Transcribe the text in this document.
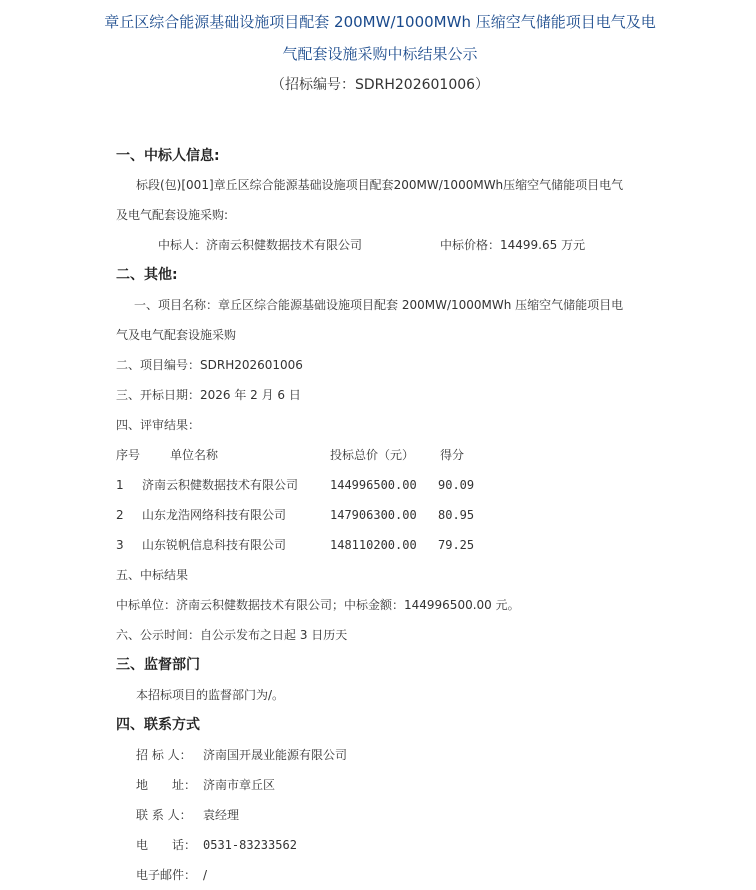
章丘区综合能源基础设施项目配套 200MW/1000MWh 压缩空气储能项目电气及电
气配套设施采购中标结果公示
（招标编号：SDRH202601006）
一、中标人信息:
标段(包)[001]章丘区综合能源基础设施项目配套200MW/1000MWh压缩空气储能项目电气
及电气配套设施采购:
中标人：济南云积健数据技术有限公司	中标价格：14499.65 万元
二、其他:
一、项目名称：章丘区综合能源基础设施项目配套 200MW/1000MWh 压缩空气储能项目电
气及电气配套设施采购
二、项目编号：SDRH202601006
三、开标日期：2026 年 2 月 6 日
四、评审结果：
序号 单位名称	投标总价（元） 得分
1 济南云积健数据技术有限公司	144996500.00 90.09
2 山东龙浩网络科技有限公司	147906300.00 80.95
3 山东锐帆信息科技有限公司	148110200.00 79.25
五、中标结果
中标单位：济南云积健数据技术有限公司；中标金额：144996500.00 元。
六、公示时间：自公示发布之日起 3 日历天
三、监督部门
本招标项目的监督部门为/。
四、联系方式
招 标 人： 济南国开晟业能源有限公司
地　　址： 济南市章丘区
联 系 人： 袁经理
电　　话： 0531-83233562
电子邮件： /
